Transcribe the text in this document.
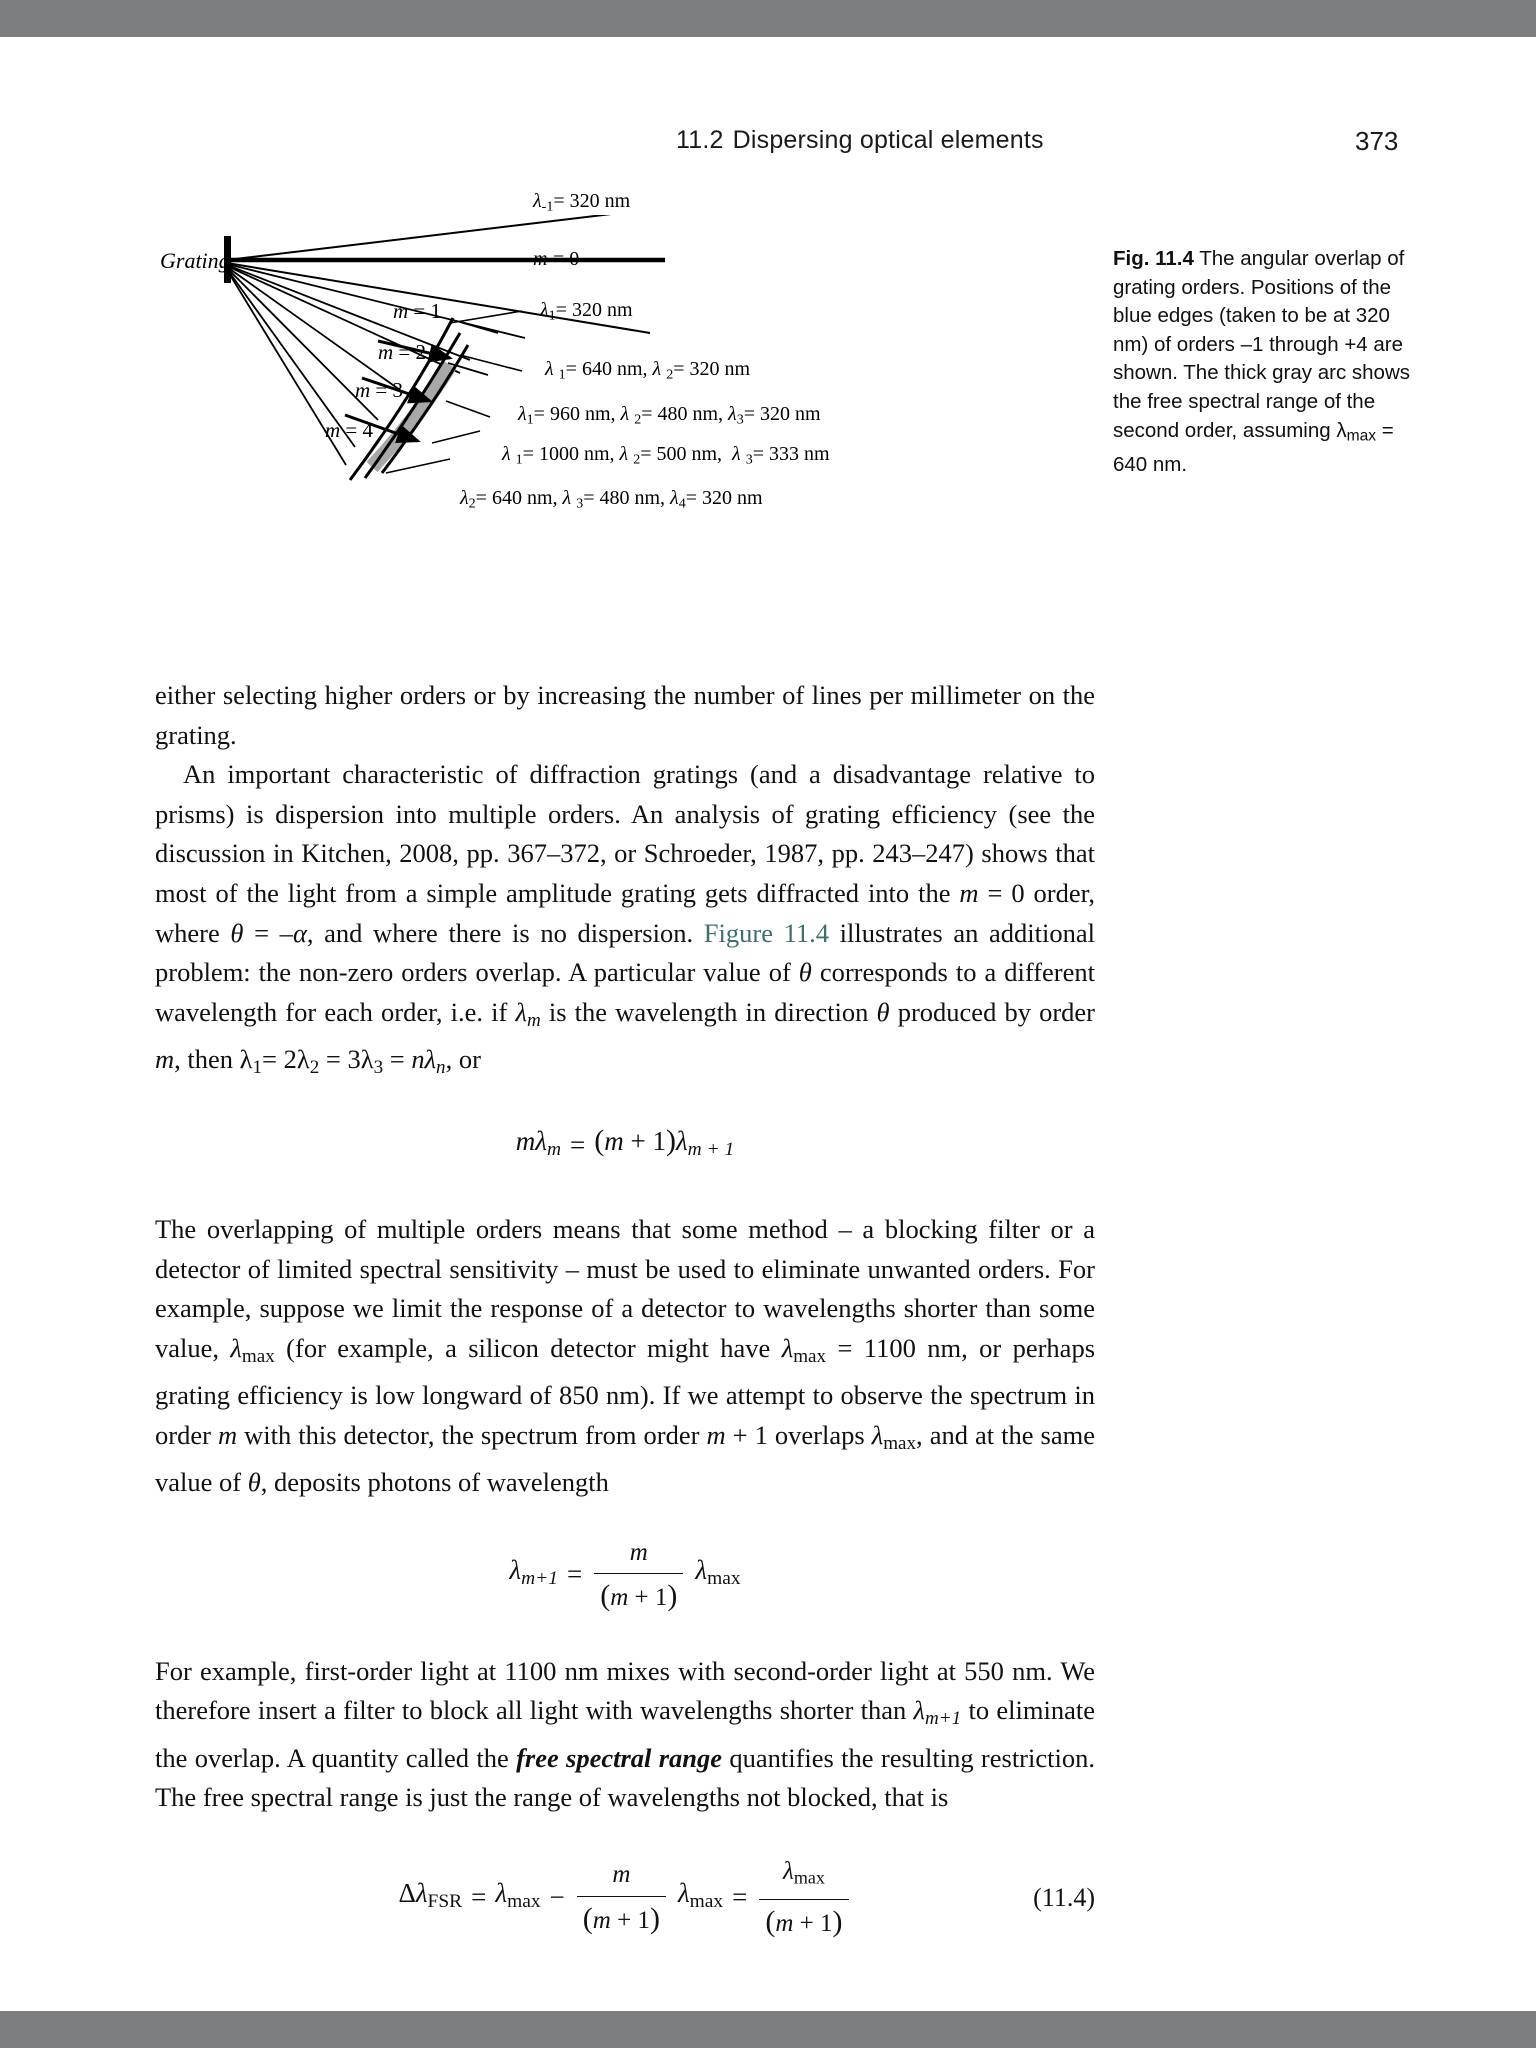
11.2 Dispersing optical elements	373
Grating
λ-1= 320 nm
m = 0
λ1= 320 nm
λ 1= 640 nm, λ 2= 320 nm
λ1= 960 nm, λ 2= 480 nm, λ3= 320 nm
λ 1= 1000 nm, λ 2= 500 nm,  λ 3= 333 nm
λ2= 640 nm, λ 3= 480 nm, λ4= 320 nm
m = 1
m = 2
m = 3
m = 4
Fig. 11.4 The angular overlap of grating orders. Positions of the blue edges (taken to be at 320 nm) of orders –1 through +4 are shown. The thick gray arc shows the free spectral range of the second order, assuming $\lambda_{max} = 640$ nm.

either selecting higher orders or by increasing the number of lines per millimeter on the grating.

An important characteristic of diffraction gratings (and a disadvantage relative to prisms) is dispersion into multiple orders. An analysis of grating efficiency (see the discussion in Kitchen, 2008, pp. 367–372, or Schroeder, 1987, pp. 243–247) shows that most of the light from a simple amplitude grating gets diffracted into the m = 0 order, where θ = –α, and where there is no dispersion. Figure 11.4 illustrates an additional problem: the non-zero orders overlap. A particular value of θ corresponds to a different wavelength for each order, i.e. if $\lambda_m$ is the wavelength in direction θ produced by order m, then $\lambda_1= 2\lambda_2 = 3\lambda_3 = n\lambda_n$, or

$m\lambda_m = (m + 1)\lambda_{m + 1}$

The overlapping of multiple orders means that some method – a blocking filter or a detector of limited spectral sensitivity – must be used to eliminate unwanted orders. For example, suppose we limit the response of a detector to wavelengths shorter than some value, $\lambda_{max}$ (for example, a silicon detector might have $\lambda_{max} = 1100$ nm, or perhaps grating efficiency is low longward of 850 nm). If we attempt to observe the spectrum in order m with this detector, the spectrum from order m + 1 overlaps $\lambda_{max}$, and at the same value of θ, deposits photons of wavelength

$\lambda_{m+1} = \frac{m}{(m + 1)} \lambda_{max}$

For example, first-order light at 1100 nm mixes with second-order light at 550 nm. We therefore insert a filter to block all light with wavelengths shorter than $\lambda_{m+1}$ to eliminate the overlap. A quantity called the free spectral range quantifies the resulting restriction. The free spectral range is just the range of wavelengths not blocked, that is

$\Delta\lambda_{FSR} = \lambda_{max} - \frac{m}{(m + 1)} \lambda_{max} = \frac{\lambda_{max}}{(m + 1)}$	(11.4)
